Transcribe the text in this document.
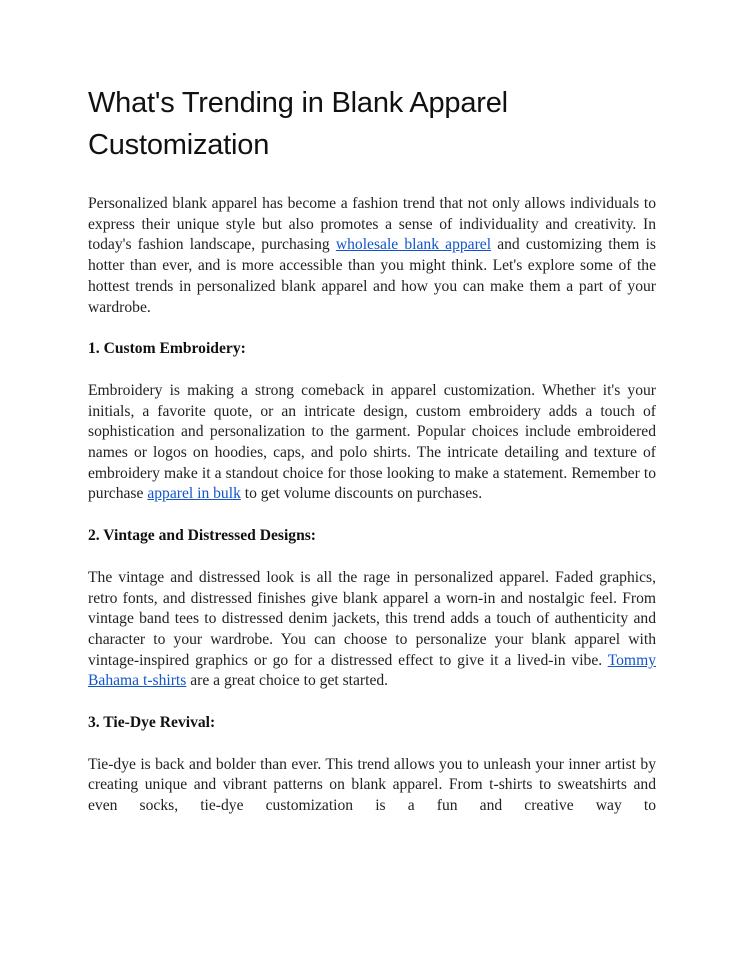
What's Trending in Blank Apparel Customization

Personalized blank apparel has become a fashion trend that not only allows individuals to express their unique style but also promotes a sense of individuality and creativity. In today's fashion landscape, purchasing wholesale blank apparel and customizing them is hotter than ever, and is more accessible than you might think. Let's explore some of the hottest trends in personalized blank apparel and how you can make them a part of your wardrobe.

1. Custom Embroidery:

Embroidery is making a strong comeback in apparel customization. Whether it's your initials, a favorite quote, or an intricate design, custom embroidery adds a touch of sophistication and personalization to the garment. Popular choices include embroidered names or logos on hoodies, caps, and polo shirts. The intricate detailing and texture of embroidery make it a standout choice for those looking to make a statement. Remember to purchase apparel in bulk to get volume discounts on purchases.

2. Vintage and Distressed Designs:

The vintage and distressed look is all the rage in personalized apparel. Faded graphics, retro fonts, and distressed finishes give blank apparel a worn-in and nostalgic feel. From vintage band tees to distressed denim jackets, this trend adds a touch of authenticity and character to your wardrobe. You can choose to personalize your blank apparel with vintage-inspired graphics or go for a distressed effect to give it a lived-in vibe. Tommy Bahama t-shirts are a great choice to get started.

3. Tie-Dye Revival:

Tie-dye is back and bolder than ever. This trend allows you to unleash your inner artist by creating unique and vibrant patterns on blank apparel. From t-shirts to sweatshirts and even socks, tie-dye customization is a fun and creative way to
